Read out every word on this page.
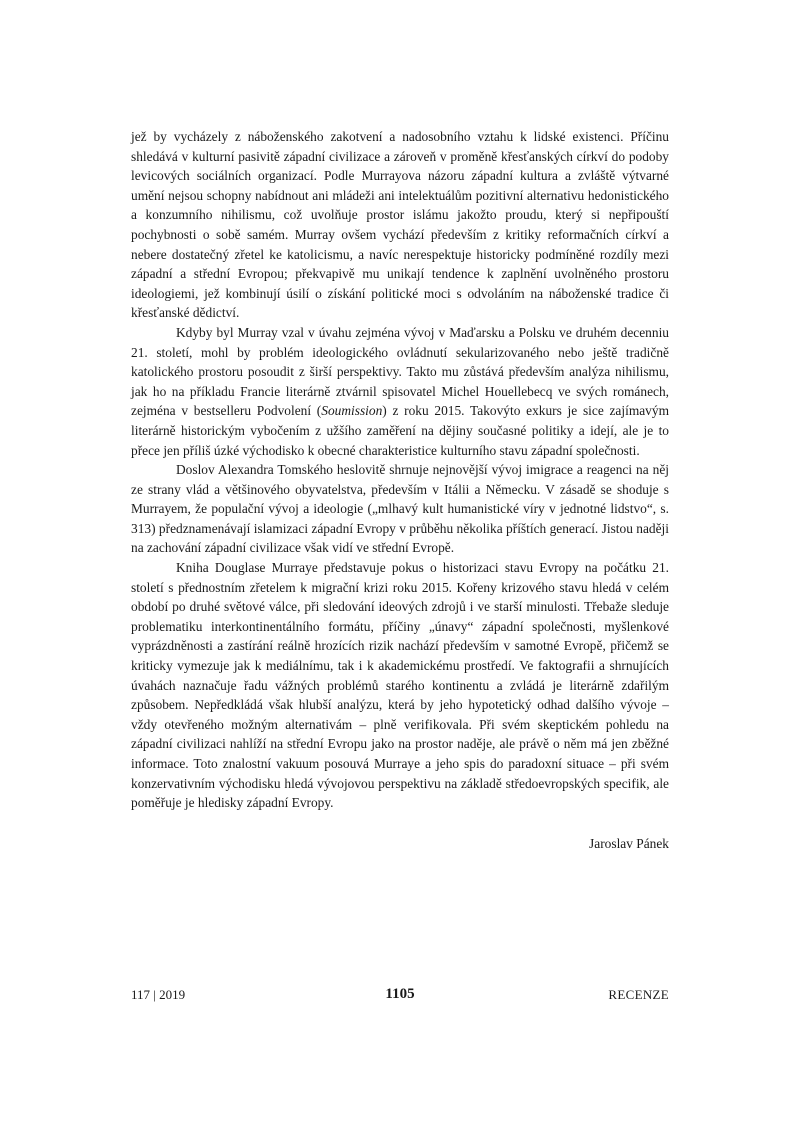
jež by vycházely z náboženského zakotvení a nadosobního vztahu k lidské existenci. Příčinu shledává v kulturní pasivitě západní civilizace a zároveň v proměně křesťanských církví do podoby levicových sociálních organizací. Podle Murrayova názoru západní kultura a zvláště výtvarné umění nejsou schopny nabídnout ani mládeži ani intelektuálům pozitivní alternativu hedonistického a konzumního nihilismu, což uvolňuje prostor islámu jakožto proudu, který si nepřipouští pochybnosti o sobě samém. Murray ovšem vychází především z kritiky reformačních církví a nebere dostatečný zřetel ke katolicismu, a navíc nerespektuje historicky podmíněné rozdíly mezi západní a střední Evropou; překvapivě mu unikají tendence k zaplnění uvolněného prostoru ideologiemi, jež kombinují úsilí o získání politické moci s odvoláním na náboženské tradice či křesťanské dědictví.

Kdyby byl Murray vzal v úvahu zejména vývoj v Maďarsku a Polsku ve druhém decenniu 21. století, mohl by problém ideologického ovládnutí sekularizovaného nebo ještě tradičně katolického prostoru posoudit z širší perspektivy. Takto mu zůstává především analýza nihilismu, jak ho na příkladu Francie literárně ztvárnil spisovatel Michel Houellebecq ve svých románech, zejména v bestselleru Podvolení (Soumission) z roku 2015. Takovýto exkurs je sice zajímavým literárně historickým vybočením z užšího zaměření na dějiny současné politiky a idejí, ale je to přece jen příliš úzké východisko k obecné charakteristice kulturního stavu západní společnosti.

Doslov Alexandra Tomského heslovitě shrnuje nejnovější vývoj imigrace a reagenci na něj ze strany vlád a většinového obyvatelstva, především v Itálii a Německu. V zásadě se shoduje s Murrayem, že populační vývoj a ideologie („mlhavý kult humanistické víry v jednotné lidstvo“, s. 313) předznamenávají islamizaci západní Evropy v průběhu několika příštích generací. Jistou naději na zachování západní civilizace však vidí ve střední Evropě.

Kniha Douglase Murraye představuje pokus o historizaci stavu Evropy na počátku 21. století s přednostním zřetelem k migrační krizi roku 2015. Kořeny krizového stavu hledá v celém období po druhé světové válce, při sledování ideových zdrojů i ve starší minulosti. Třebaže sleduje problematiku interkontinentálního formátu, příčiny „únavy“ západní společnosti, myšlenkové vyprázdněnosti a zastírání reálně hrozících rizik nachází především v samotné Evropě, přičemž se kriticky vymezuje jak k mediálnímu, tak i k akademickému prostředí. Ve faktografii a shrnujících úvahách naznačuje řadu vážných problémů starého kontinentu a zvládá je literárně zdařilým způsobem. Nepředkládá však hlubší analýzu, která by jeho hypotetický odhad dalšího vývoje – vždy otevřeného možným alternativám – plně verifikovala. Při svém skeptickém pohledu na západní civilizaci nahlíží na střední Evropu jako na prostor naděje, ale právě o něm má jen zběžné informace. Toto znalostní vakuum posouvá Murraye a jeho spis do paradoxní situace – při svém konzervativním východisku hledá vývojovou perspektivu na základě středoevropských specifik, ale poměřuje je hledisky západní Evropy.

Jaroslav Pánek
117 | 2019	1105	RECENZE
